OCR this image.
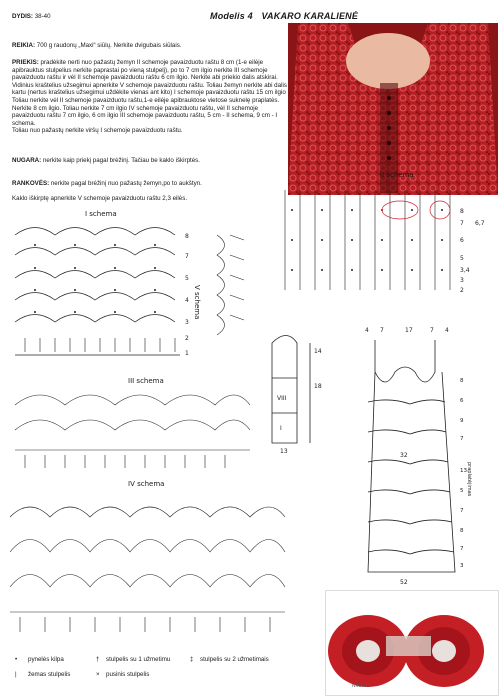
Modelis 4 VAKARO KARALIENĖ
DYDIS: 38-40
REIKIA: 700 g raudonų „Maxi“ siūlų. Nerkite dvigubais siūlais.
PRIEKIS: pradėkite nerti nuo pažastų žemyn II schemoje pavaizduotu raštu 8 cm (1-e eilėje apibrauktus stulpelius nerkite paprastai po vieną stulpelį), po to 7 cm ilgio nerkite III schemoje pavaizduotu raštu ir vėl II schemoje pavaizduotu raštu 6 cm ilgio. Nerkite abi priekio dalis atskirai. Vidinius kraštelius užsegimui apnerkite V schemoje pavaizduotu raštu. Toliau žemyn nerkite abi dalis kartu (nertus kraštelius užsegimui uždėkite vienas ant kito) I schemoje pavaizduotu raštu 15 cm ilgio Toliau nerkite vėl II schemoje pavaizduotu raštu,1-e eilėje apibrauktose vietose suknelę praplatės. Nerkite 8 cm ilgio. Toliau nerkite 7 cm ilgio IV schemoje pavaizduotu raštu, vėl II schemoje pavaizduotu raštu 7 cm ilgio, 6 cm ilgio III schemoje pavaizduotu raštu, 5 cm - II schema, 9 cm - I schema.
Toliau nuo pažastų nerkite viršų I schemoje pavaizduotu raštu.
NUGARA: nerkite kaip priekį pagal brėžinį. Tačiau be kaklo iškirptės.
RANKOVĖS: nerkite pagal brėžinį nuo pažastų žemyn,po to aukštyn.
Kaklo iškirptę apnerkite V schemoje pavaizduotu raštu 2,3 eilės.
I schema
II schema
III schema
IV schema
V schema
8
7
5
4
3
2
1
8
7 6,7
6
5
3,4
3
2
VIII
I
14
18
13
4 7	17	7 4
32
52
praplatėjimas
8
6
9
7
13
5
7
8
7
3
• pynelės kilpa	† stulpelis su 1 užmetimu	‡ stulpelis su 2 užmetimais
| žemas stulpelis	× pusinis stulpelis
Midara
